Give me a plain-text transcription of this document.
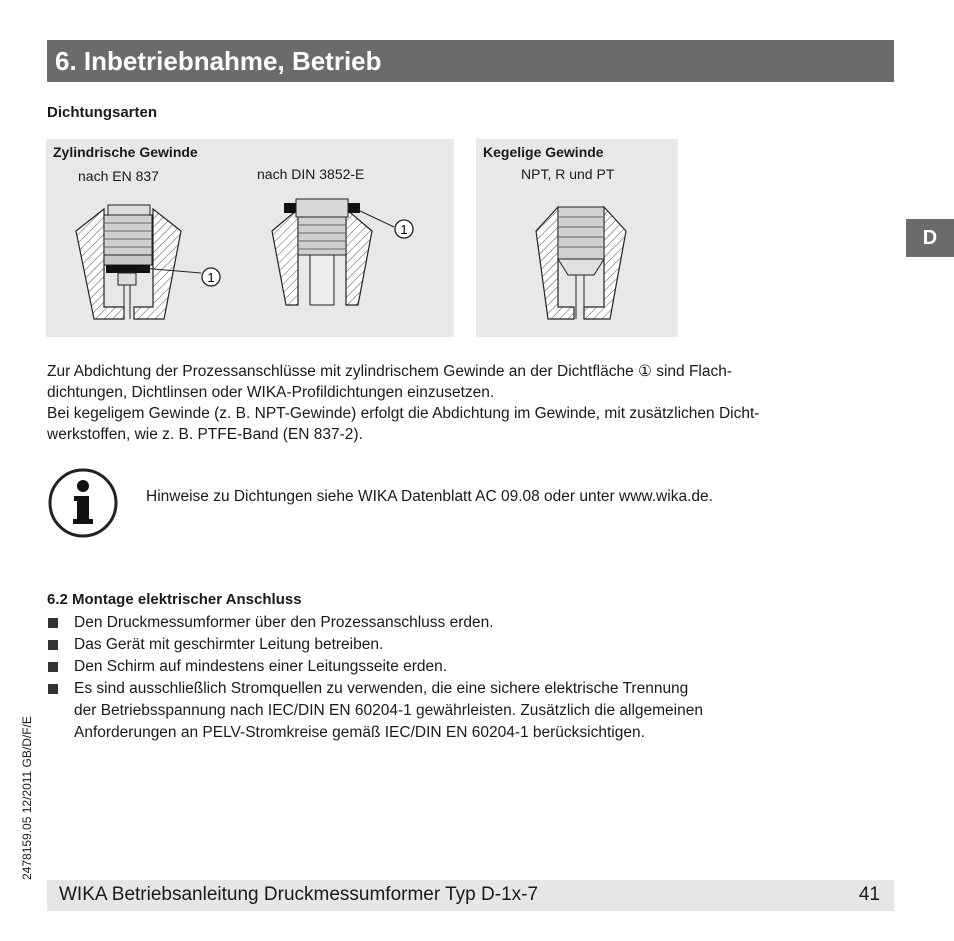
6. Inbetriebnahme, Betrieb
D
Dichtungsarten
Zylindrische Gewinde
nach EN 837	nach DIN 3852-E
1
1
Kegelige Gewinde
NPT, R und PT
Zur Abdichtung der Prozessanschlüsse mit zylindrischem Gewinde an der Dichtfläche ① sind Flach-
dichtungen, Dichtlinsen oder WIKA-Profildichtungen einzusetzen.
Bei kegeligem Gewinde (z. B. NPT-Gewinde) erfolgt die Abdichtung im Gewinde, mit zusätzlichen Dicht-
werkstoffen, wie z. B. PTFE-Band (EN 837-2).
Hinweise zu Dichtungen siehe WIKA Datenblatt AC 09.08 oder unter www.wika.de.
6.2 Montage elektrischer Anschluss
Den Druckmessumformer über den Prozessanschluss erden.
Das Gerät mit geschirmter Leitung betreiben.
Den Schirm auf mindestens einer Leitungsseite erden.
Es sind ausschließlich Stromquellen zu verwenden, die eine sichere elektrische Trennung
der Betriebsspannung nach IEC/DIN EN 60204-1 gewährleisten. Zusätzlich die allgemeinen
Anforderungen an PELV-Stromkreise gemäß IEC/DIN EN 60204-1 berücksichtigen.
2478159.05 12/2011 GB/D/F/E
WIKA Betriebsanleitung Druckmessumformer Typ D-1x-7	41
